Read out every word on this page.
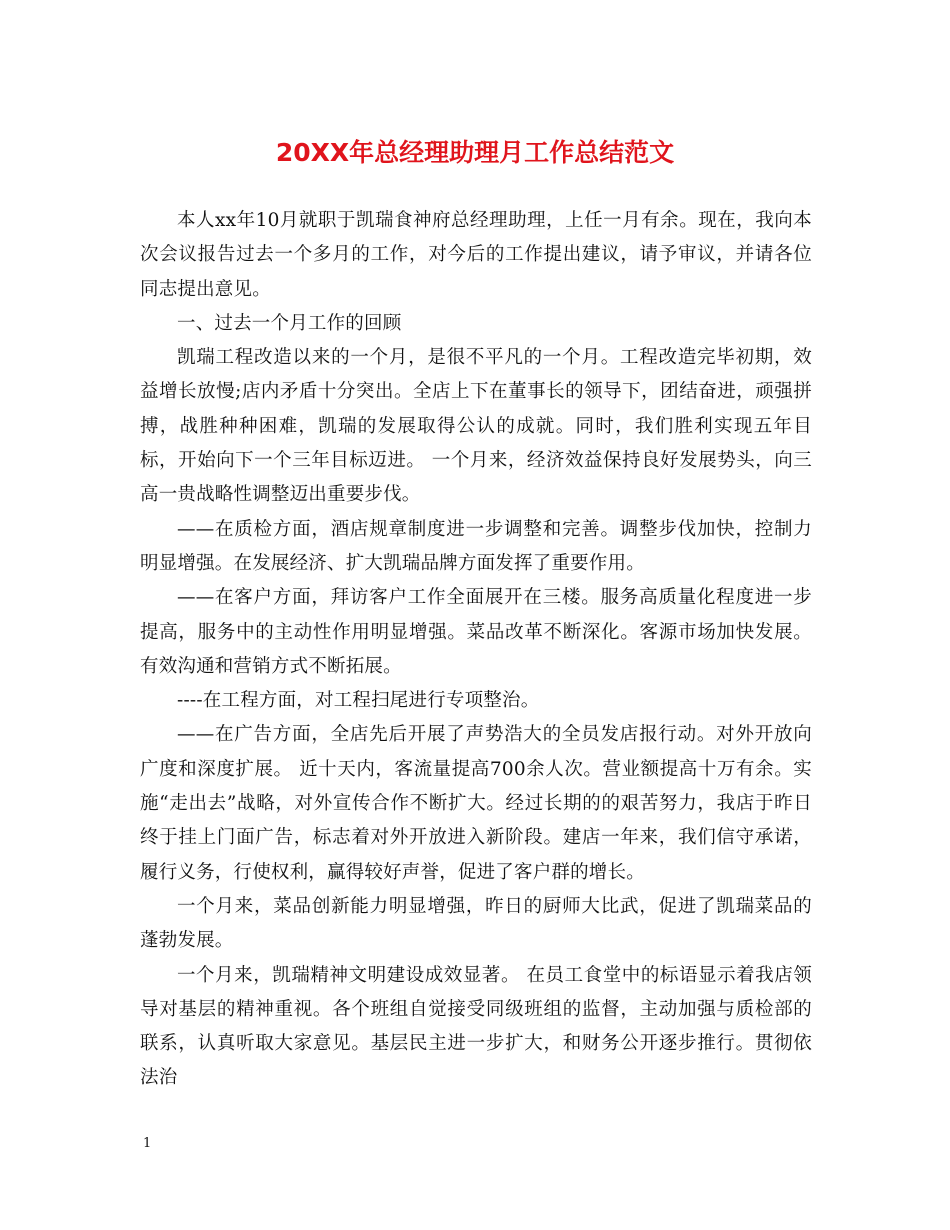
20XX年总经理助理月工作总结范文

本人xx年10月就职于凯瑞食神府总经理助理，上任一月有余。现在，我向本次会议报告过去一个多月的工作，对今后的工作提出建议，请予审议，并请各位同志提出意见。

一、过去一个月工作的回顾

凯瑞工程改造以来的一个月，是很不平凡的一个月。工程改造完毕初期，效益增长放慢;店内矛盾十分突出。全店上下在董事长的领导下，团结奋进，顽强拼搏，战胜种种困难，凯瑞的发展取得公认的成就。同时，我们胜利实现五年目标，开始向下一个三年目标迈进。 一个月来，经济效益保持良好发展势头，向三高一贵战略性调整迈出重要步伐。

——在质检方面，酒店规章制度进一步调整和完善。调整步伐加快，控制力明显增强。在发展经济、扩大凯瑞品牌方面发挥了重要作用。

——在客户方面，拜访客户工作全面展开在三楼。服务高质量化程度进一步提高，服务中的主动性作用明显增强。菜品改革不断深化。客源市场加快发展。有效沟通和营销方式不断拓展。

----在工程方面，对工程扫尾进行专项整治。

——在广告方面，全店先后开展了声势浩大的全员发店报行动。对外开放向广度和深度扩展。 近十天内，客流量提高700余人次。营业额提高十万有余。实施“走出去”战略，对外宣传合作不断扩大。经过长期的的艰苦努力，我店于昨日终于挂上门面广告，标志着对外开放进入新阶段。建店一年来，我们信守承诺，履行义务，行使权利，赢得较好声誉，促进了客户群的增长。

一个月来，菜品创新能力明显增强，昨日的厨师大比武，促进了凯瑞菜品的蓬勃发展。

一个月来，凯瑞精神文明建设成效显著。 在员工食堂中的标语显示着我店领导对基层的精神重视。各个班组自觉接受同级班组的监督，主动加强与质检部的联系，认真听取大家意见。基层民主进一步扩大，和财务公开逐步推行。贯彻依法治

1
